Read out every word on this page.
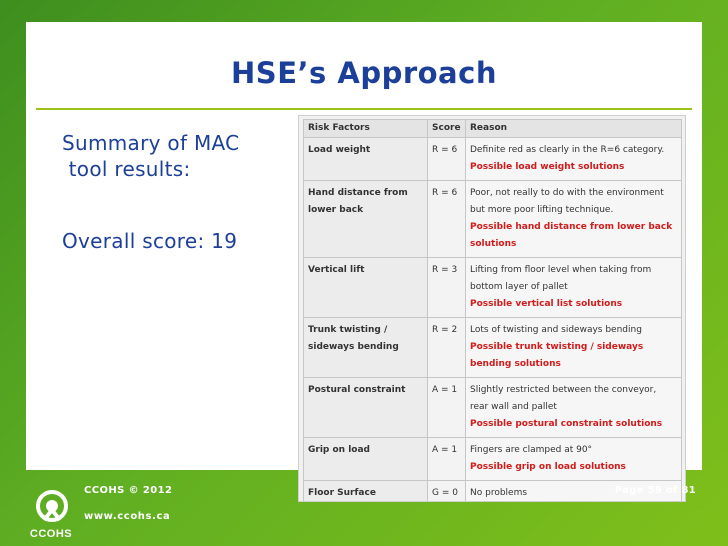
HSE’s Approach
Summary of MAC
tool results:
Overall score: 19
Risk Factors	Score	Reason
Load weight	R = 6	Definite red as clearly in the R=6 category.
Possible load weight solutions

Hand distance from lower back	R = 6	Poor, not really to do with the environment but more poor lifting technique.
Possible hand distance from lower back solutions

Vertical lift	R = 3	Lifting from floor level when taking from bottom layer of pallet
Possible vertical list solutions

Trunk twisting / sideways bending	R = 2	Lots of twisting and sideways bending
Possible trunk twisting / sideways bending solutions

Postural constraint	A = 1	Slightly restricted between the conveyor, rear wall and pallet
Possible postural constraint solutions

Grip on load	A = 1	Fingers are clamped at 90°
Possible grip on load solutions

Floor Surface	G = 0	No problems
CCOHS
CCOHS © 2012
www.ccohs.ca
Page 59 of 81
